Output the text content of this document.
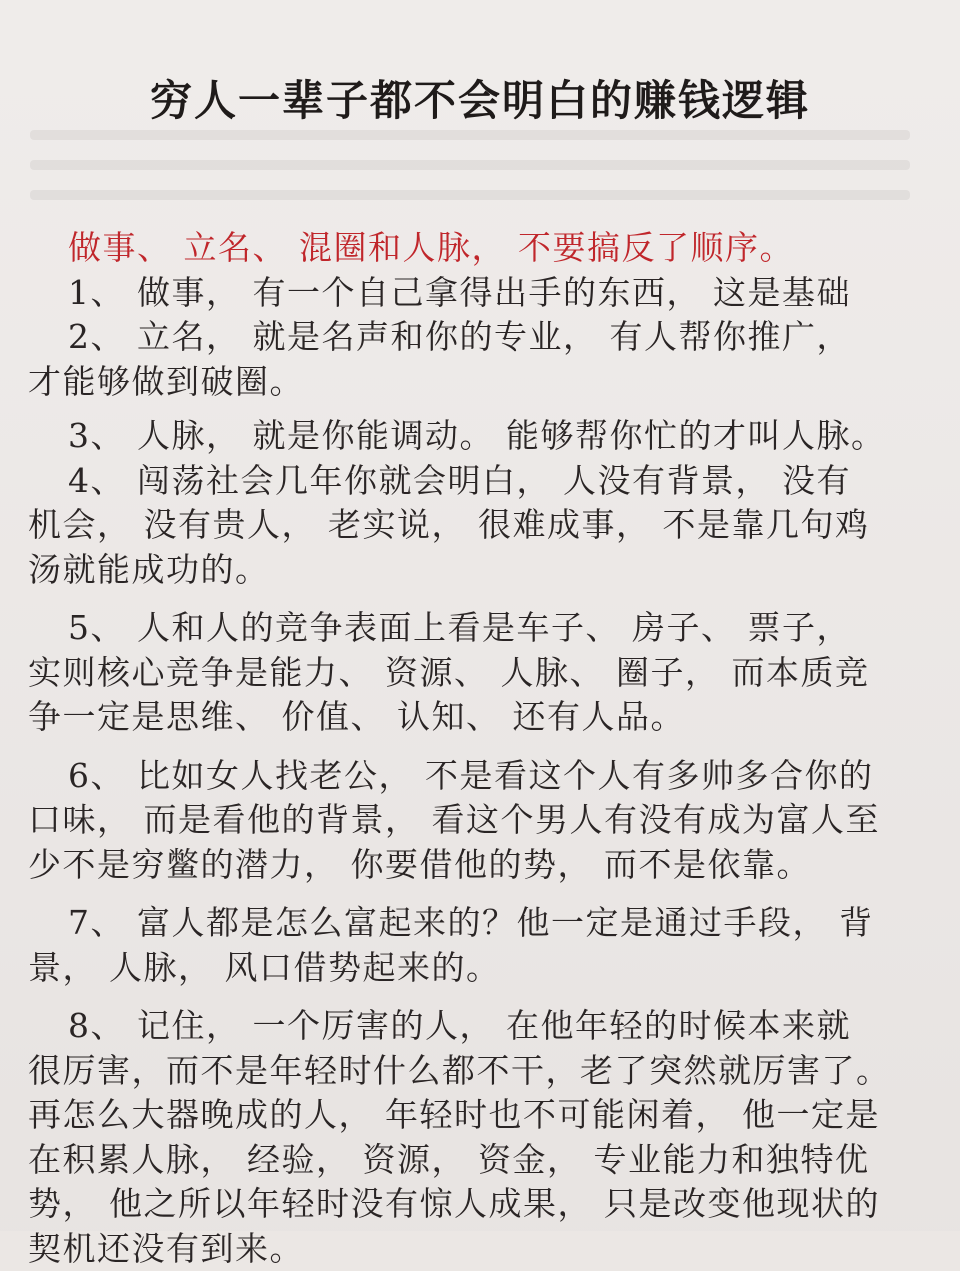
穷人一辈子都不会明白的赚钱逻辑
做事、 立名、 混圈和人脉， 不要搞反了顺序。
1、 做事， 有一个自己拿得出手的东西， 这是基础
2、 立名， 就是名声和你的专业， 有人帮你推广，
才能够做到破圈。
3、 人脉， 就是你能调动。 能够帮你忙的才叫人脉。
4、 闯荡社会几年你就会明白， 人没有背景， 没有
机会， 没有贵人， 老实说， 很难成事， 不是靠几句鸡
汤就能成功的。
5、 人和人的竞争表面上看是车子、 房子、 票子，
实则核心竞争是能力、 资源、 人脉、 圈子， 而本质竞
争一定是思维、 价值、 认知、 还有人品。
6、 比如女人找老公， 不是看这个人有多帅多合你的
口味， 而是看他的背景， 看这个男人有没有成为富人至
少不是穷鳖的潜力， 你要借他的势， 而不是依靠。
7、 富人都是怎么富起来的？他一定是通过手段， 背
景， 人脉， 风口借势起来的。
8、 记住， 一个厉害的人， 在他年轻的时候本来就
很厉害，而不是年轻时什么都不干，老了突然就厉害了。
再怎么大器晚成的人， 年轻时也不可能闲着， 他一定是
在积累人脉， 经验， 资源， 资金， 专业能力和独特优
势， 他之所以年轻时没有惊人成果， 只是改变他现状的
契机还没有到来。
